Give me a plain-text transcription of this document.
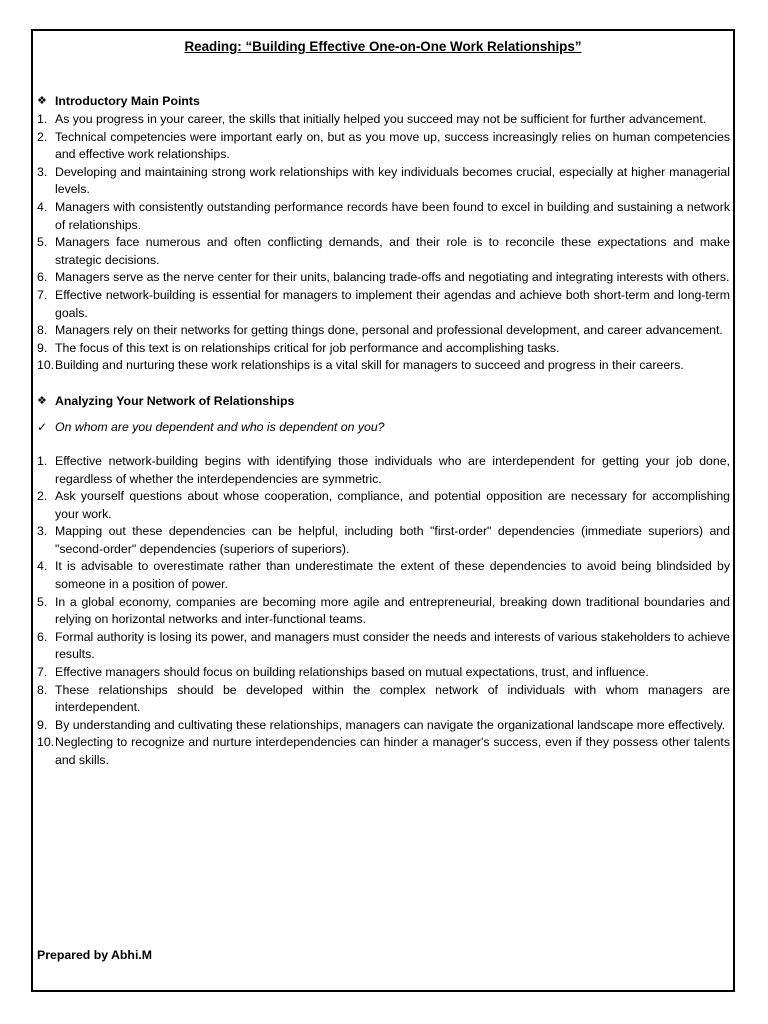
Reading: “Building Effective One-on-One Work Relationships”
❖ Introductory Main Points
1. As you progress in your career, the skills that initially helped you succeed may not be sufficient for further advancement.
2. Technical competencies were important early on, but as you move up, success increasingly relies on human competencies and effective work relationships.
3. Developing and maintaining strong work relationships with key individuals becomes crucial, especially at higher managerial levels.
4. Managers with consistently outstanding performance records have been found to excel in building and sustaining a network of relationships.
5. Managers face numerous and often conflicting demands, and their role is to reconcile these expectations and make strategic decisions.
6. Managers serve as the nerve center for their units, balancing trade-offs and negotiating and integrating interests with others.
7. Effective network-building is essential for managers to implement their agendas and achieve both short-term and long-term goals.
8. Managers rely on their networks for getting things done, personal and professional development, and career advancement.
9. The focus of this text is on relationships critical for job performance and accomplishing tasks.
10. Building and nurturing these work relationships is a vital skill for managers to succeed and progress in their careers.
❖ Analyzing Your Network of Relationships
✓ On whom are you dependent and who is dependent on you?
1. Effective network-building begins with identifying those individuals who are interdependent for getting your job done, regardless of whether the interdependencies are symmetric.
2. Ask yourself questions about whose cooperation, compliance, and potential opposition are necessary for accomplishing your work.
3. Mapping out these dependencies can be helpful, including both "first-order" dependencies (immediate superiors) and "second-order" dependencies (superiors of superiors).
4. It is advisable to overestimate rather than underestimate the extent of these dependencies to avoid being blindsided by someone in a position of power.
5. In a global economy, companies are becoming more agile and entrepreneurial, breaking down traditional boundaries and relying on horizontal networks and inter-functional teams.
6. Formal authority is losing its power, and managers must consider the needs and interests of various stakeholders to achieve results.
7. Effective managers should focus on building relationships based on mutual expectations, trust, and influence.
8. These relationships should be developed within the complex network of individuals with whom managers are interdependent.
9. By understanding and cultivating these relationships, managers can navigate the organizational landscape more effectively.
10. Neglecting to recognize and nurture interdependencies can hinder a manager's success, even if they possess other talents and skills.
Prepared by Abhi.M
